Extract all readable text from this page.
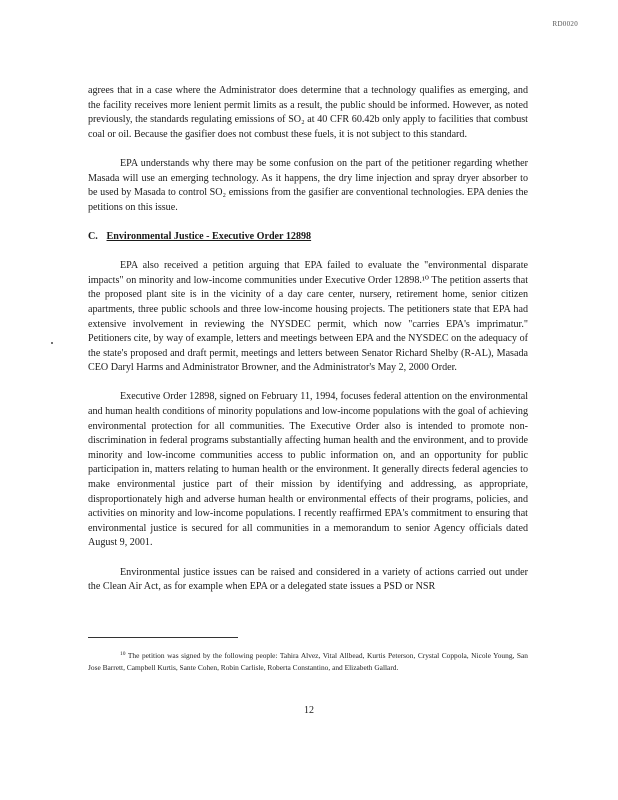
RD0020

agrees that in a case where the Administrator does determine that a technology qualifies as emerging, and the facility receives more lenient permit limits as a result, the public should be informed. However, as noted previously, the standards regulating emissions of SO₂ at 40 CFR 60.42b only apply to facilities that combust coal or oil. Because the gasifier does not combust these fuels, it is not subject to this standard.

EPA understands why there may be some confusion on the part of the petitioner regarding whether Masada will use an emerging technology. As it happens, the dry lime injection and spray dryer absorber to be used by Masada to control SO₂ emissions from the gasifier are conventional technologies. EPA denies the petitions on this issue.

C. Environmental Justice - Executive Order 12898

EPA also received a petition arguing that EPA failed to evaluate the "environmental disparate impacts" on minority and low-income communities under Executive Order 12898.¹⁰ The petition asserts that the proposed plant site is in the vicinity of a day care center, nursery, retirement home, senior citizen apartments, three public schools and three low-income housing projects. The petitioners state that EPA had extensive involvement in reviewing the NYSDEC permit, which now "carries EPA's imprimatur." Petitioners cite, by way of example, letters and meetings between EPA and the NYSDEC on the adequacy of the state's proposed and draft permit, meetings and letters between Senator Richard Shelby (R-AL), Masada CEO Daryl Harms and Administrator Browner, and the Administrator's May 2, 2000 Order.

Executive Order 12898, signed on February 11, 1994, focuses federal attention on the environmental and human health conditions of minority populations and low-income populations with the goal of achieving environmental protection for all communities. The Executive Order also is intended to promote non-discrimination in federal programs substantially affecting human health and the environment, and to provide minority and low-income communities access to public information on, and an opportunity for public participation in, matters relating to human health or the environment. It generally directs federal agencies to make environmental justice part of their mission by identifying and addressing, as appropriate, disproportionately high and adverse human health or environmental effects of their programs, policies, and activities on minority and low-income populations. I recently reaffirmed EPA's commitment to ensuring that environmental justice is secured for all communities in a memorandum to senior Agency officials dated August 9, 2001.

Environmental justice issues can be raised and considered in a variety of actions carried out under the Clean Air Act, as for example when EPA or a delegated state issues a PSD or NSR

10 The petition was signed by the following people: Tahira Alvez, Vital Allbead, Kurtis Peterson, Crystal Coppola, Nicole Young, San Jose Barrett, Campbell Kurtis, Sante Cohen, Robin Carlisle, Roberta Constantino, and Elizabeth Gallard.
12
